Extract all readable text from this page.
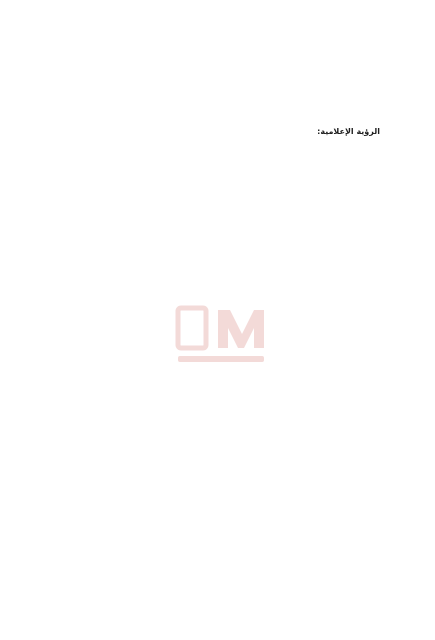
الرؤية الإعلامية:
